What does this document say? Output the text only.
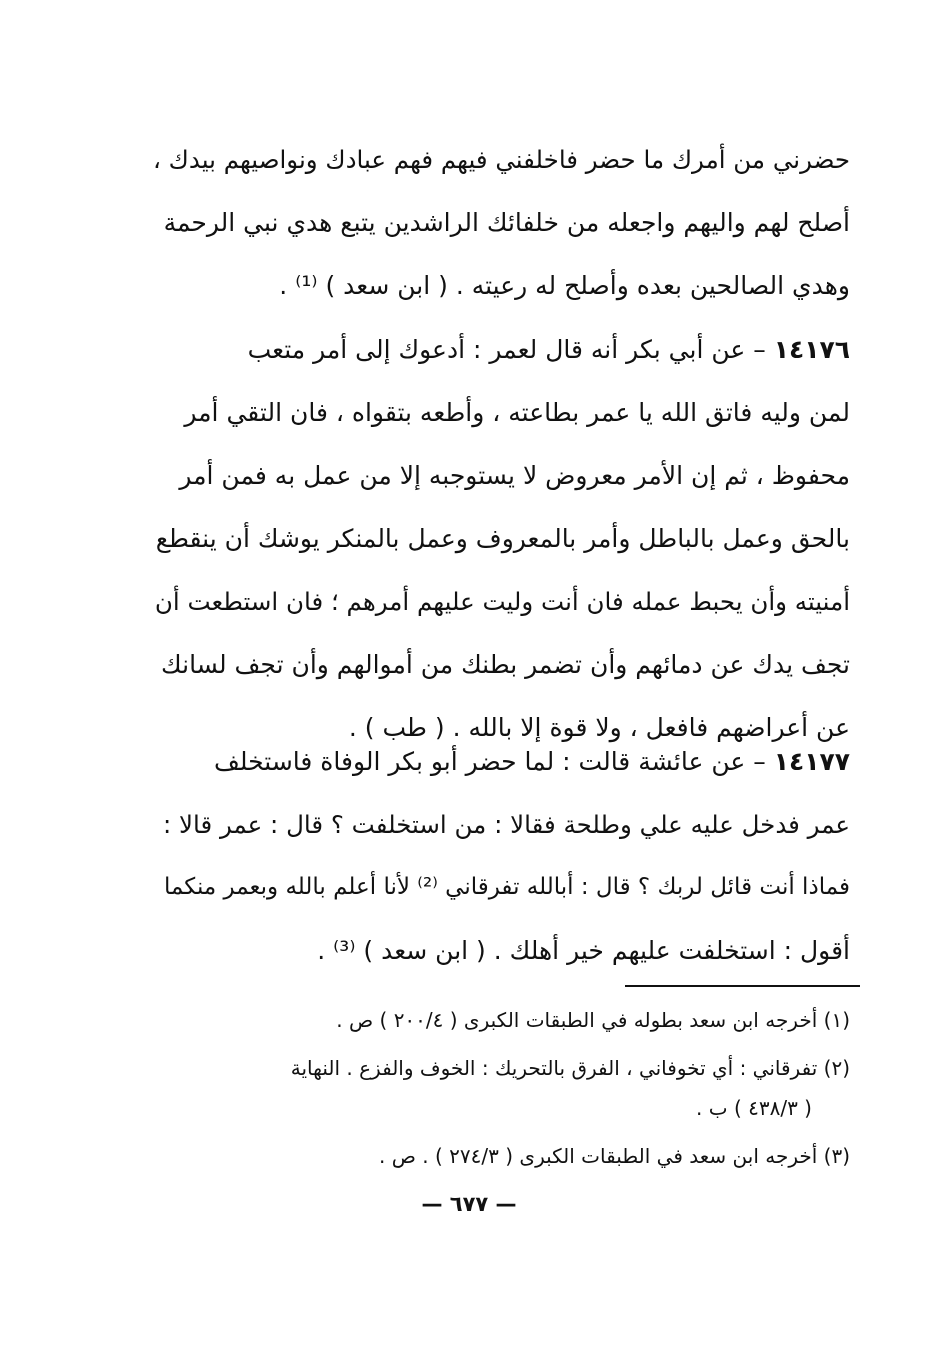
حضرني من أمرك ما حضر فاخلفني فيهم فهم عبادك ونواصيهم بيدك ،
أصلح لهم واليهم واجعله من خلفائك الراشدين يتبع هدي نبي الرحمة
وهدي الصالحين بعده وأصلح له رعيته . ( ابن سعد ) ⁽¹⁾ .
١٤١٧٦ – عن أبي بكر أنه قال لعمر : أدعوك إلى أمر متعب
لمن وليه فاتق الله يا عمر بطاعته ، وأطعه بتقواه ، فان التقي أمر
محفوظ ، ثم إن الأمر معروض لا يستوجبه إلا من عمل به فمن أمر
بالحق وعمل بالباطل وأمر بالمعروف وعمل بالمنكر يوشك أن ينقطع
أمنيته وأن يحبط عمله فان أنت وليت عليهم أمرهم ؛ فان استطعت أن
تجف يدك عن دمائهم وأن تضمر بطنك من أموالهم وأن تجف لسانك
عن أعراضهم فافعل ، ولا قوة إلا بالله . ( طب ) .
١٤١٧٧ – عن عائشة قالت : لما حضر أبو بكر الوفاة فاستخلف
عمر فدخل عليه علي وطلحة فقالا : من استخلفت ؟ قال : عمر قالا :
فماذا أنت قائل لربك ؟ قال : أبالله تفرقاني ⁽²⁾ لأنا أعلم بالله وبعمر منكما
أقول : استخلفت عليهم خير أهلك . ( ابن سعد ) ⁽³⁾ .
(١) أخرجه ابن سعد بطوله في الطبقات الكبرى ( ٢٠٠/٤ ) ص .
(٢) تفرقاني : أي تخوفاني ، الفرق بالتحريك : الخوف والفزع . النهاية
( ٤٣٨/٣ ) ب .
(٣) أخرجه ابن سعد في الطبقات الكبرى ( ٢٧٤/٣ ) . ص .
— ٦٧٧ —
